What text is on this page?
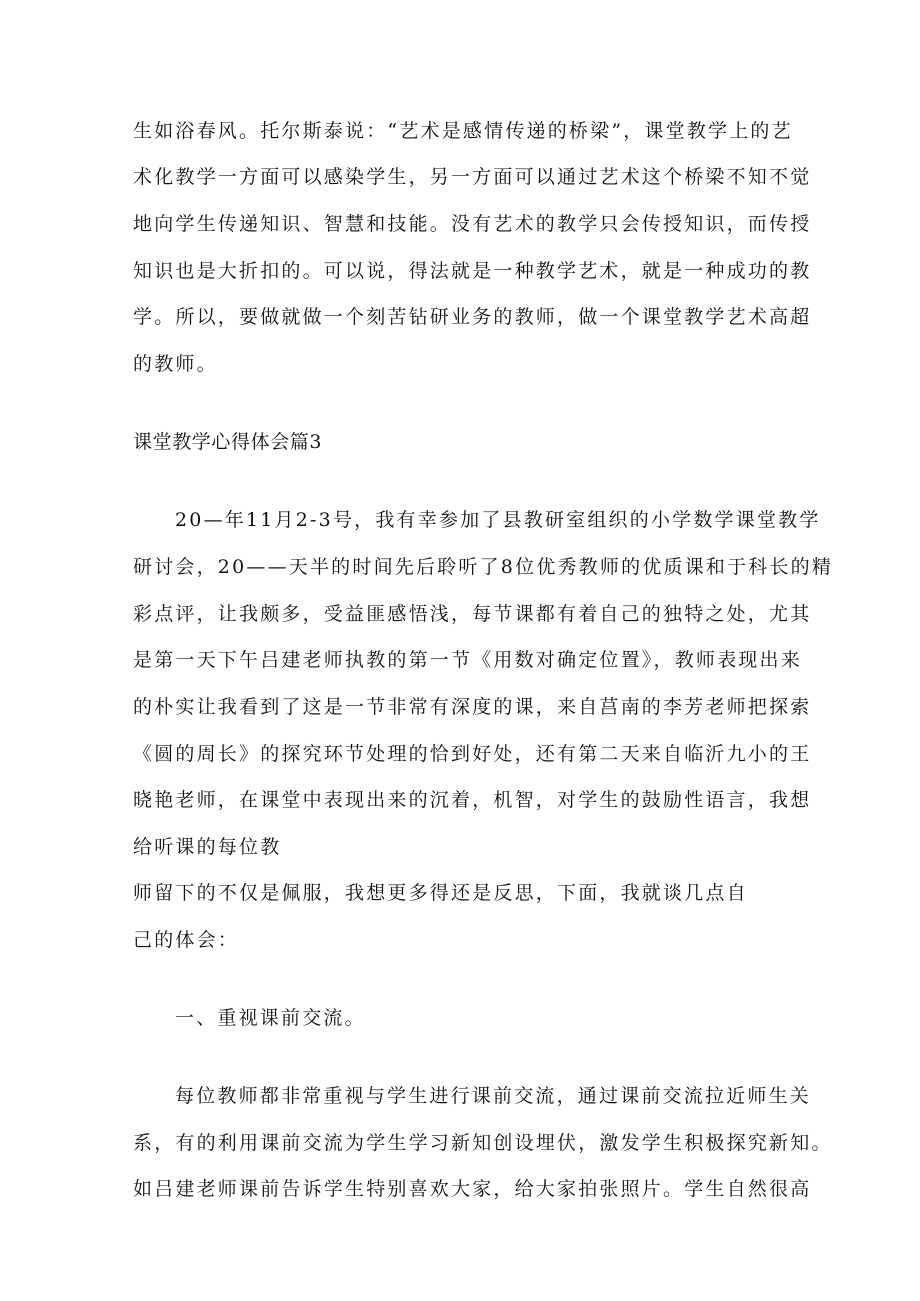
生如浴春风。托尔斯泰说：“艺术是感情传递的桥梁”，课堂教学上的艺
术化教学一方面可以感染学生，另一方面可以通过艺术这个桥梁不知不觉
地向学生传递知识、智慧和技能。没有艺术的教学只会传授知识，而传授
知识也是大折扣的。可以说，得法就是一种教学艺术，就是一种成功的教
学。所以，要做就做一个刻苦钻研业务的教师，做一个课堂教学艺术高超
的教师。
课堂教学心得体会篇3
20—年11月2-3号，我有幸参加了县教研室组织的小学数学课堂教学
研讨会，20——天半的时间先后聆听了8位优秀教师的优质课和于科长的精
彩点评，让我颇多，受益匪感悟浅，每节课都有着自己的独特之处，尤其
是第一天下午吕建老师执教的第一节《用数对确定位置》，教师表现出来
的朴实让我看到了这是一节非常有深度的课，来自莒南的李芳老师把探索
《圆的周长》的探究环节处理的恰到好处，还有第二天来自临沂九小的王
晓艳老师，在课堂中表现出来的沉着，机智，对学生的鼓励性语言，我想
给听课的每位教
师留下的不仅是佩服，我想更多得还是反思，下面，我就谈几点自
己的体会：
一、重视课前交流。
每位教师都非常重视与学生进行课前交流，通过课前交流拉近师生关
系，有的利用课前交流为学生学习新知创设埋伏，激发学生积极探究新知。
如吕建老师课前告诉学生特别喜欢大家，给大家拍张照片。学生自然很高
